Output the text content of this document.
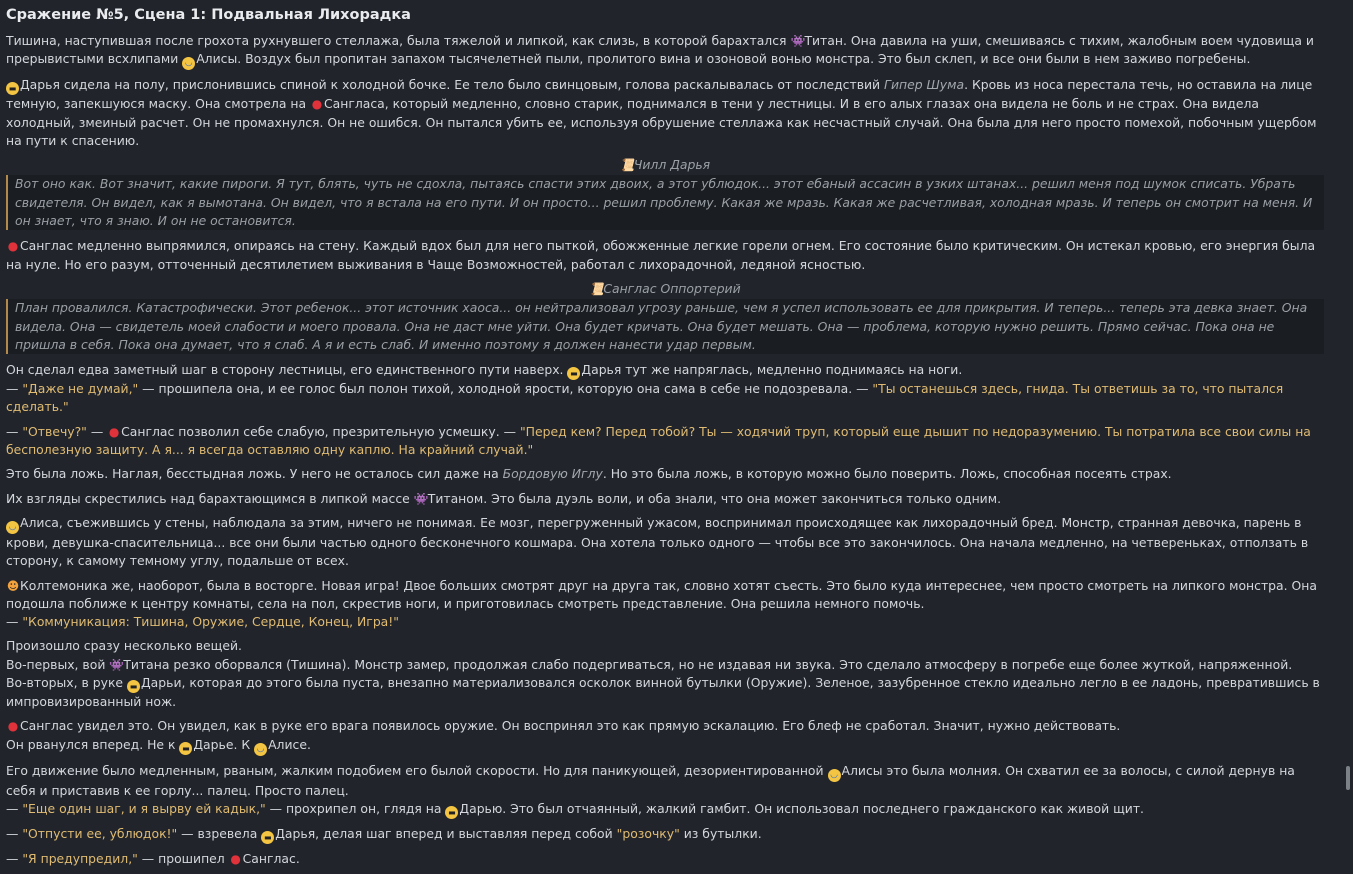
Сражение №5, Сцена 1: Подвальная Лихорадка

Тишина, наступившая после грохота рухнувшего стеллажа, была тяжелой и липкой, как слизь, в которой барахтался 👾Титан. Она давила на уши, смешиваясь с тихим, жалобным воем чудовища и прерывистыми всхлипами ◡ Алисы. Воздух был пропитан запахом тысячелетней пыли, пролитого вина и озоновой вонью монстра. Это был склеп, и все они были в нем заживо погребены.

▬ Дарья сидела на полу, прислонившись спиной к холодной бочке. Ее тело было свинцовым, голова раскалывалась от последствий Гипер Шума. Кровь из носа перестала течь, но оставила на лице темную, запекшуюся маску. Она смотрела на ● Сангласа, который медленно, словно старик, поднимался в тени у лестницы. И в его алых глазах она видела не боль и не страх. Она видела холодный, змеиный расчет. Он не промахнулся. Он не ошибся. Он пытался убить ее, используя обрушение стеллажа как несчастный случай. Она была для него просто помехой, побочным ущербом на пути к спасению.

📜Чилл Дарья
Вот оно как. Вот значит, какие пироги. Я тут, блять, чуть не сдохла, пытаясь спасти этих двоих, а этот ублюдок... этот ебаный ассасин в узких штанах... решил меня под шумок списать. Убрать свидетеля. Он видел, как я вымотана. Он видел, что я встала на его пути. И он просто... решил проблему. Какая же мразь. Какая же расчетливая, холодная мразь. И теперь он смотрит на меня. И он знает, что я знаю. И он не остановится.

● Санглас медленно выпрямился, опираясь на стену. Каждый вдох был для него пыткой, обожженные легкие горели огнем. Его состояние было критическим. Он истекал кровью, его энергия была на нуле. Но его разум, отточенный десятилетием выживания в Чаще Возможностей, работал с лихорадочной, ледяной ясностью.

📜Санглас Оппортерий
План провалился. Катастрофически. Этот ребенок... этот источник хаоса... он нейтрализовал угрозу раньше, чем я успел использовать ее для прикрытия. И теперь... теперь эта девка знает. Она видела. Она — свидетель моей слабости и моего провала. Она не даст мне уйти. Она будет кричать. Она будет мешать. Она — проблема, которую нужно решить. Прямо сейчас. Пока она не пришла в себя. Пока она думает, что я слаб. А я и есть слаб. И именно поэтому я должен нанести удар первым.

Он сделал едва заметный шаг в сторону лестницы, его единственного пути наверх. ▬ Дарья тут же напряглась, медленно поднимаясь на ноги.
— "Даже не думай," — прошипела она, и ее голос был полон тихой, холодной ярости, которую она сама в себе не подозревала. — "Ты останешься здесь, гнида. Ты ответишь за то, что пытался сделать."

— "Отвечу?" — ● Санглас позволил себе слабую, презрительную усмешку. — "Перед кем? Перед тобой? Ты — ходячий труп, который еще дышит по недоразумению. Ты потратила все свои силы на бесполезную защиту. А я... я всегда оставляю одну каплю. На крайний случай."

Это была ложь. Наглая, бесстыдная ложь. У него не осталось сил даже на Бордовую Иглу. Но это была ложь, в которую можно было поверить. Ложь, способная посеять страх.

Их взгляды скрестились над барахтающимся в липкой массе 👾Титаном. Это была дуэль воли, и оба знали, что она может закончиться только одним.

◡ Алиса, съежившись у стены, наблюдала за этим, ничего не понимая. Ее мозг, перегруженный ужасом, воспринимал происходящее как лихорадочный бред. Монстр, странная девочка, парень в крови, девушка-спасительница... все они были частью одного бесконечного кошмара. Она хотела только одного — чтобы все это закончилось. Она начала медленно, на четвереньках, отползать в сторону, к самому темному углу, подальше от всех.

☻Колтемоника же, наоборот, была в восторге. Новая игра! Двое больших смотрят друг на друга так, словно хотят съесть. Это было куда интереснее, чем просто смотреть на липкого монстра. Она подошла поближе к центру комнаты, села на пол, скрестив ноги, и приготовилась смотреть представление. Она решила немного помочь.
— "Коммуникация: Тишина, Оружие, Сердце, Конец, Игра!"

Произошло сразу несколько вещей.
Во-первых, вой 👾Титана резко оборвался (Тишина). Монстр замер, продолжая слабо подергиваться, но не издавая ни звука. Это сделало атмосферу в погребе еще более жуткой, напряженной.
Во-вторых, в руке ▬ Дарьи, которая до этого была пуста, внезапно материализовался осколок винной бутылки (Оружие). Зеленое, зазубренное стекло идеально легло в ее ладонь, превратившись в импровизированный нож.

● Санглас увидел это. Он увидел, как в руке его врага появилось оружие. Он воспринял это как прямую эскалацию. Его блеф не сработал. Значит, нужно действовать.
Он рванулся вперед. Не к ▬ Дарье. К ◡ Алисе.

Его движение было медленным, рваным, жалким подобием его былой скорости. Но для паникующей, дезориентированной ◡ Алисы это была молния. Он схватил ее за волосы, с силой дернув на себя и приставив к ее горлу... палец. Просто палец.
— "Еще один шаг, и я вырву ей кадык," — прохрипел он, глядя на ▬ Дарью. Это был отчаянный, жалкий гамбит. Он использовал последнего гражданского как живой щит.

— "Отпусти ее, ублюдок!" — взревела ▬ Дарья, делая шаг вперед и выставляя перед собой "розочку" из бутылки.

— "Я предупредил," — прошипел ● Санглас.
